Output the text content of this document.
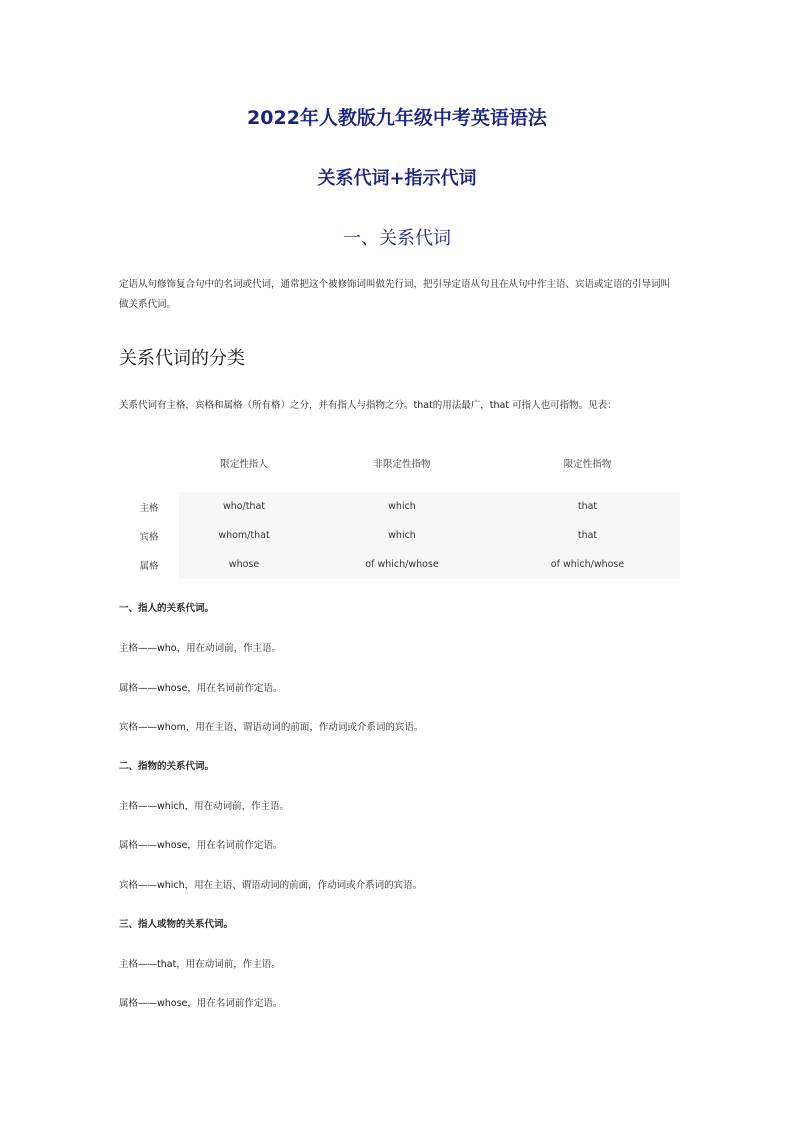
2022年人教版九年级中考英语语法
关系代词+指示代词
一、关系代词
定语从句修饰复合句中的名词或代词，通常把这个被修饰词叫做先行词，把引导定语从句且在从句中作主语、宾语或定语的引导词叫做关系代词。
关系代词的分类
关系代词有主格，宾格和属格（所有格）之分，并有指人与指物之分。that的用法最广，that 可指人也可指物。见表：
	限定性指人	非限定性指物	限定性指物

主格	who/that	which	that
宾格	whom/that	which	that
属格	whose	of which/whose	of which/whose
一、指人的关系代词。
主格——who，用在动词前，作主语。
属格——whose，用在名词前作定语。
宾格——whom，用在主语、谓语动词的前面，作动词或介系词的宾语。
二、指物的关系代词。
主格——which，用在动词前，作主语。
属格——whose，用在名词前作定语。
宾格——which，用在主语、谓语动词的前面，作动词或介系词的宾语。
三、指人或物的关系代词。
主格——that，用在动词前，作主语。
属格——whose，用在名词前作定语。
